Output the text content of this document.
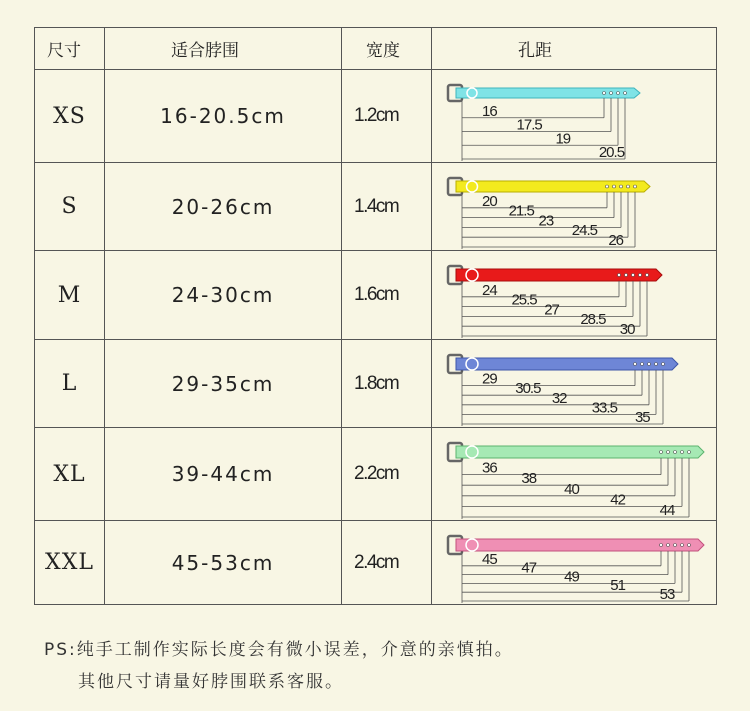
尺寸	适合脖围	宽度	孔距
XS	16-20.5cm	1.2cm	16
17.5
19
20.5

S	20-26cm	1.4cm	20
21.5
23
24.5
26

M	24-30cm	1.6cm	24
25.5
27
28.5
30

L	29-35cm	1.8cm	29
30.5
32
33.5
35

XL	39-44cm	2.2cm	36
38
40
42
44

XXL	45-53cm	2.4cm	45
47
49
51
53
PS:纯手工制作实际长度会有微小误差，介意的亲慎拍。
其他尺寸请量好脖围联系客服。
